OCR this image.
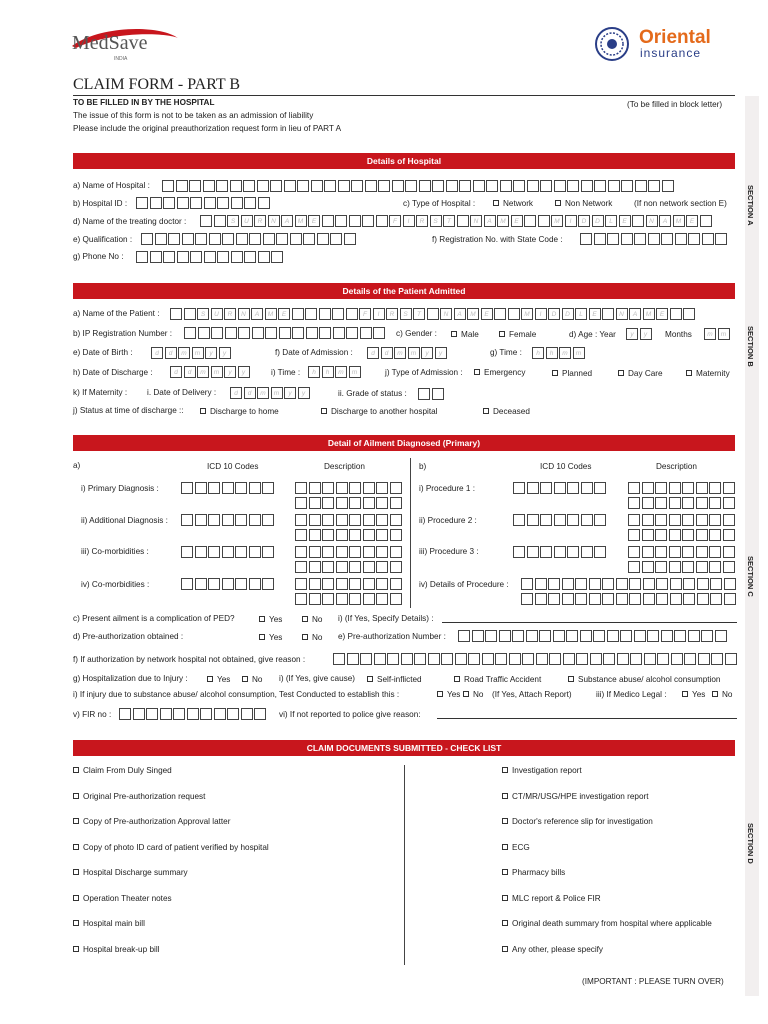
MedSave
INDIA
Oriental
insurance
CLAIM FORM - PART B
TO BE FILLED IN BY THE HOSPITAL	(To be filled in block letter)
The issue of this form is not to be taken as an admission of liability
Please include the original preauthorization request form in lieu of PART A
SECTION A
SECTION B
SECTION C
SECTION D
Details of Hospital
a) Name of Hospital :
b) Hospital ID :	c) Type of Hospital :	Network	Non Network	(If non network section E)
d) Name of the treating doctor :	S	U	R	N	A	M	E	F	I	R	S	T	N	A	M	E	M	I	D	D	L	E	N	A	M	E
e) Qualification :	f) Registration No. with State Code :
g) Phone No :
Details of the Patient Admitted
a) Name of the Patient :	S	U	R	N	A	M	E	F	I	R	S	T	N	A	M	E	M	I	D	D	L	E	N	A	M	E
b) IP Registration Number :	c) Gender :	Male	Female	d) Age : Year	y	y	Months	m	m
e) Date of Birth :	d	d	m	m	y	y	f) Date of Admission :	d	d	m	m	y	y	g) Time :	h	h	m	m
h) Date of Discharge :	d	d	m	m	y	y	i) Time :	h	h	m	m	j) Type of Admission :	Emergency	Planned	Day Care	Maternity
k) If Maternity : i. Date of Delivery :	d	d	m	m	y	y	ii. Grade of status :
j) Status at time of discharge ::	Discharge to home	Discharge to another hospital	Deceased
Detail of Ailment Diagnosed (Primary)
a)	ICD 10 Codes	Description	b)	ICD 10 Codes	Description
i) Primary Diagnosis :	i) Procedure 1 :
ii) Additional Diagnosis :	ii) Procedure 2 :
iii) Co-morbidities :	iii) Procedure 3 :
iv) Co-morbidities :	iv) Details of Procedure :
c) Present ailment is a complication of PED?	Yes	No i) (If Yes, Specify Details) :
d) Pre-authorization obtained :	Yes	No e) Pre-authorization Number :
f) If authorization by network hospital not obtained, give reason :
g) Hospitalization due to Injury :	Yes	No i) (If Yes, give cause)	Self-inflicted	Road Traffic Accident	Substance abuse/ alcohol consumption
i) If injury due to substance abuse/ alcohol consumption, Test Conducted to establish this :	Yes	No (If Yes, Attach Report)	iii) If Medico Legal :	Yes	No
v) FIR no :	vi) If not reported to police give reason:
CLAIM DOCUMENTS SUBMITTED - CHECK LIST
Claim From Duly Singed
Original Pre-authorization request
Copy of Pre-authorization Approval latter
Copy of photo ID card of patient verified by hospital
Hospital Discharge summary
Operation Theater notes
Hospital main bill
Hospital break-up bill
Investigation report
CT/MR/USG/HPE investigation report
Doctor's reference slip for investigation
ECG
Pharmacy bills
MLC report & Police FIR
Original death summary from hospital where applicable
Any other, please specify
(IMPORTANT : PLEASE TURN OVER)
